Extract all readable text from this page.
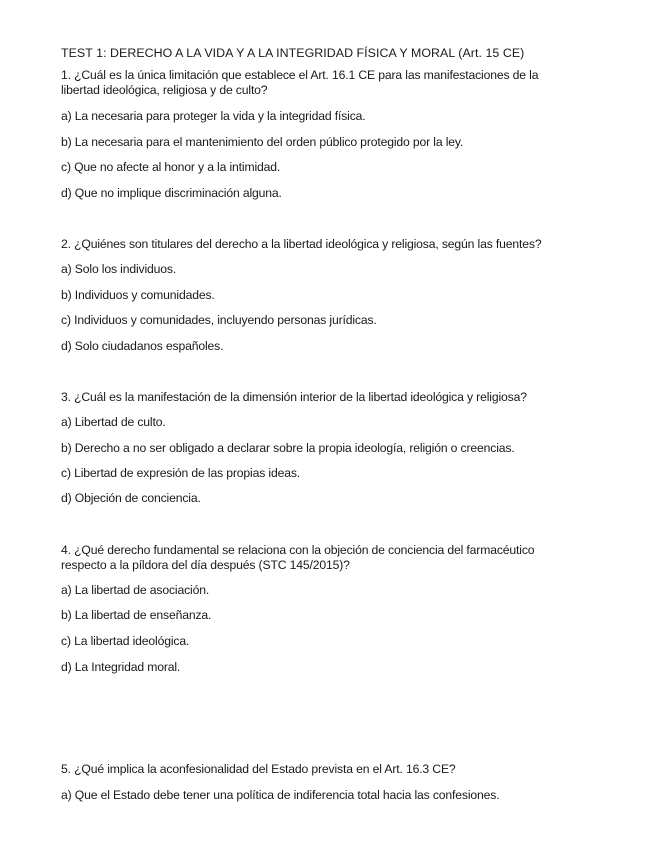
TEST 1: DERECHO A LA VIDA Y A LA INTEGRIDAD FÍSICA Y MORAL (Art. 15 CE)
1. ¿Cuál es la única limitación que establece el Art. 16.1 CE para las manifestaciones de la
libertad ideológica, religiosa y de culto?
a) La necesaria para proteger la vida y la integridad física.
b) La necesaria para el mantenimiento del orden público protegido por la ley.
c) Que no afecte al honor y a la intimidad.
d) Que no implique discriminación alguna.
2. ¿Quiénes son titulares del derecho a la libertad ideológica y religiosa, según las fuentes?
a) Solo los individuos.
b) Individuos y comunidades.
c) Individuos y comunidades, incluyendo personas jurídicas.
d) Solo ciudadanos españoles.
3. ¿Cuál es la manifestación de la dimensión interior de la libertad ideológica y religiosa?
a) Libertad de culto.
b) Derecho a no ser obligado a declarar sobre la propia ideología, religión o creencias.
c) Libertad de expresión de las propias ideas.
d) Objeción de conciencia.
4. ¿Qué derecho fundamental se relaciona con la objeción de conciencia del farmacéutico
respecto a la píldora del día después (STC 145/2015)?
a) La libertad de asociación.
b) La libertad de enseñanza.
c) La libertad ideológica.
d) La Integridad moral.
5. ¿Qué implica la aconfesionalidad del Estado prevista en el Art. 16.3 CE?
a) Que el Estado debe tener una política de indiferencia total hacia las confesiones.
